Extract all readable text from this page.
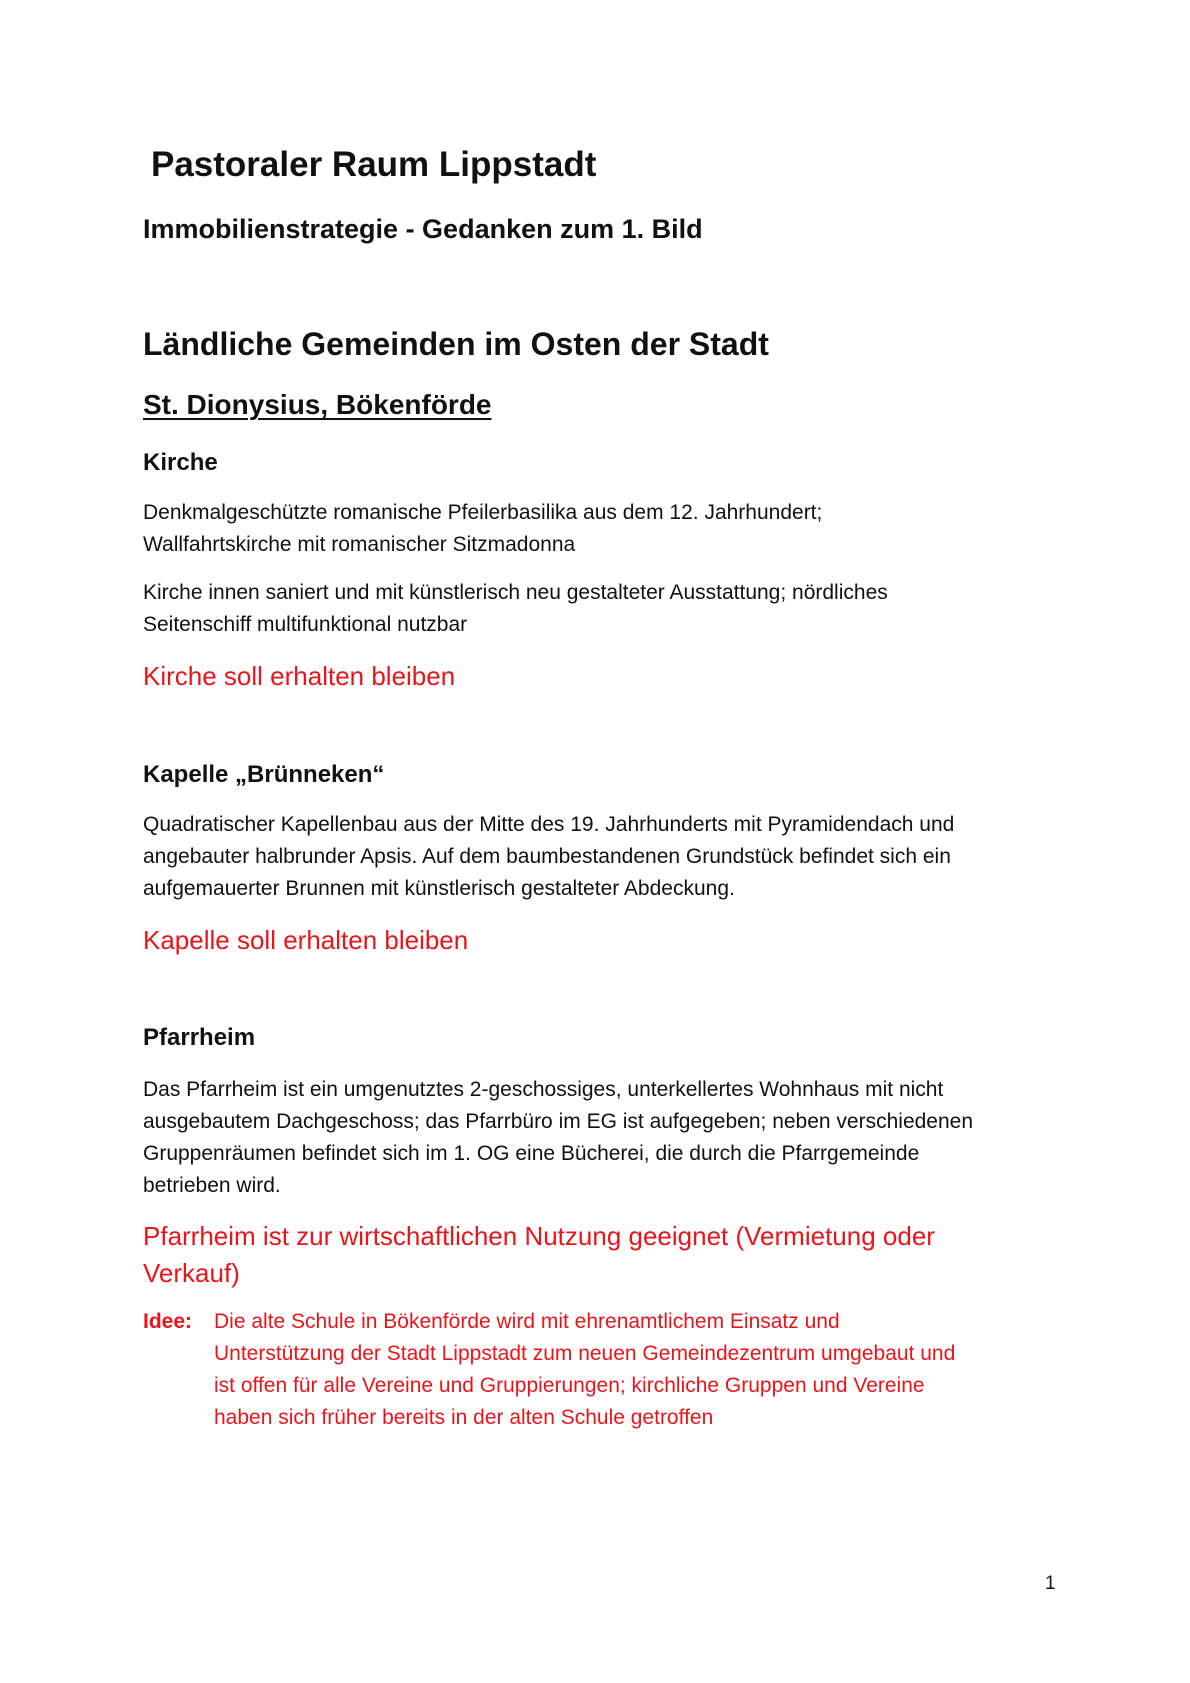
Pastoraler Raum Lippstadt
Immobilienstrategie - Gedanken zum 1. Bild
Ländliche Gemeinden im Osten der Stadt
St. Dionysius, Bökenförde
Kirche
Denkmalgeschützte romanische Pfeilerbasilika aus dem 12. Jahrhundert;
Wallfahrtskirche mit romanischer Sitzmadonna
Kirche innen saniert und mit künstlerisch neu gestalteter Ausstattung; nördliches
Seitenschiff multifunktional nutzbar
Kirche soll erhalten bleiben
Kapelle „Brünneken“
Quadratischer Kapellenbau aus der Mitte des 19. Jahrhunderts mit Pyramidendach und
angebauter halbrunder Apsis. Auf dem baumbestandenen Grundstück befindet sich ein
aufgemauerter Brunnen mit künstlerisch gestalteter Abdeckung.
Kapelle soll erhalten bleiben
Pfarrheim
Das Pfarrheim ist ein umgenutztes 2-geschossiges, unterkellertes Wohnhaus mit nicht
ausgebautem Dachgeschoss; das Pfarrbüro im EG ist aufgegeben; neben verschiedenen
Gruppenräumen befindet sich im 1. OG eine Bücherei, die durch die Pfarrgemeinde
betrieben wird.
Pfarrheim ist zur wirtschaftlichen Nutzung geeignet (Vermietung oder
Verkauf)
Idee: Die alte Schule in Bökenförde wird mit ehrenamtlichem Einsatz und
Unterstützung der Stadt Lippstadt zum neuen Gemeindezentrum umgebaut und
ist offen für alle Vereine und Gruppierungen; kirchliche Gruppen und Vereine
haben sich früher bereits in der alten Schule getroffen
1
